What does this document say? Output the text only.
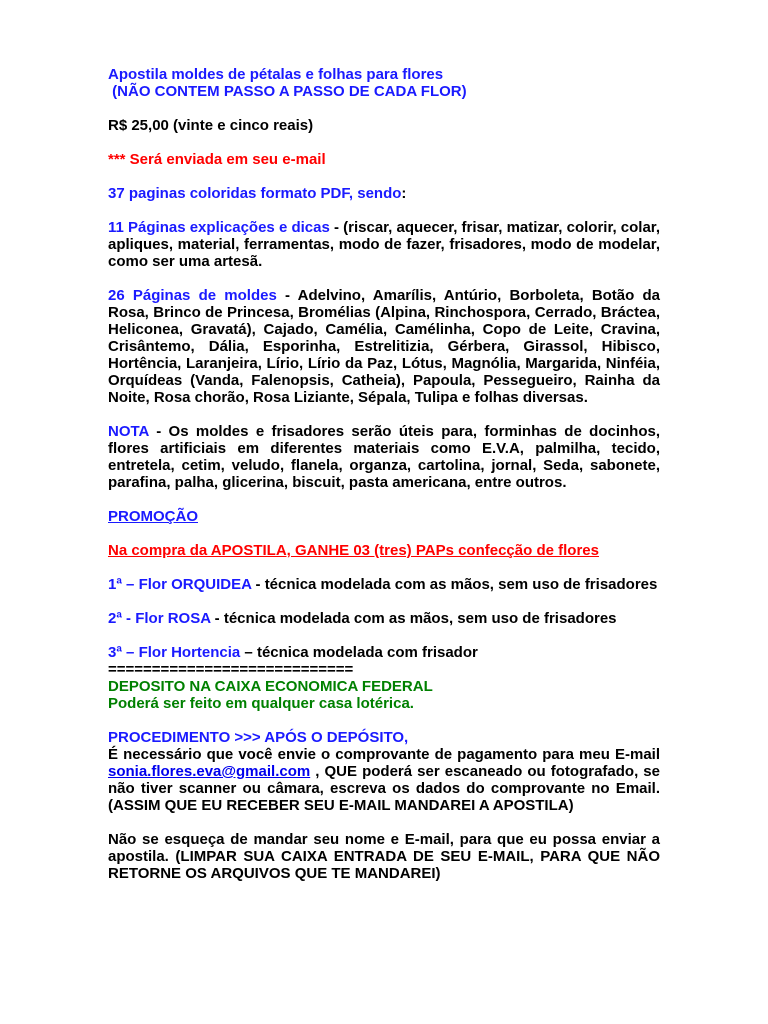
Apostila moldes de pétalas e folhas para flores
(NÃO CONTEM PASSO A PASSO DE CADA FLOR)

R$ 25,00 (vinte e cinco reais)

*** Será enviada em seu e-mail

37 paginas coloridas formato PDF, sendo:

11 Páginas explicações e dicas - (riscar, aquecer, frisar, matizar, colorir, colar, apliques, material, ferramentas, modo de fazer, frisadores, modo de modelar, como ser uma artesã.

26 Páginas de moldes - Adelvino, Amarílis, Antúrio, Borboleta, Botão da Rosa, Brinco de Princesa, Bromélias (Alpina, Rinchospora, Cerrado, Bráctea, Heliconea, Gravatá), Cajado, Camélia, Camélinha, Copo de Leite, Cravina, Crisântemo, Dália, Esporinha, Estrelitizia, Gérbera, Girassol, Hibisco, Hortência, Laranjeira, Lírio, Lírio da Paz, Lótus, Magnólia, Margarida, Ninféia, Orquídeas (Vanda, Falenopsis, Catheia), Papoula, Pessegueiro, Rainha da Noite, Rosa chorão, Rosa Liziante, Sépala, Tulipa e folhas diversas.

NOTA - Os moldes e frisadores serão úteis para, forminhas de docinhos, flores artificiais em diferentes materiais como E.V.A, palmilha, tecido, entretela, cetim, veludo, flanela, organza, cartolina, jornal, Seda, sabonete, parafina, palha, glicerina, biscuit, pasta americana, entre outros.

PROMOÇÃO

Na compra da APOSTILA, GANHE 03 (tres) PAPs confecção de flores

1ª – Flor ORQUIDEA - técnica modelada com as mãos, sem uso de frisadores

2ª - Flor ROSA - técnica modelada com as mãos, sem uso de frisadores

3ª – Flor Hortencia – técnica modelada com frisador

============================

DEPOSITO NA CAIXA ECONOMICA FEDERAL

Poderá ser feito em qualquer casa lotérica.

PROCEDIMENTO >>> APÓS O DEPÓSITO,

É necessário que você envie o comprovante de pagamento para meu E-mail sonia.flores.eva@gmail.com , QUE poderá ser escaneado ou fotografado, se não tiver scanner ou câmara, escreva os dados do comprovante no Email. (ASSIM QUE EU RECEBER SEU E-MAIL MANDAREI A APOSTILA)

Não se esqueça de mandar seu nome e E-mail, para que eu possa enviar a apostila. (LIMPAR SUA CAIXA ENTRADA DE SEU E-MAIL, PARA QUE NÃO RETORNE OS ARQUIVOS QUE TE MANDAREI)
